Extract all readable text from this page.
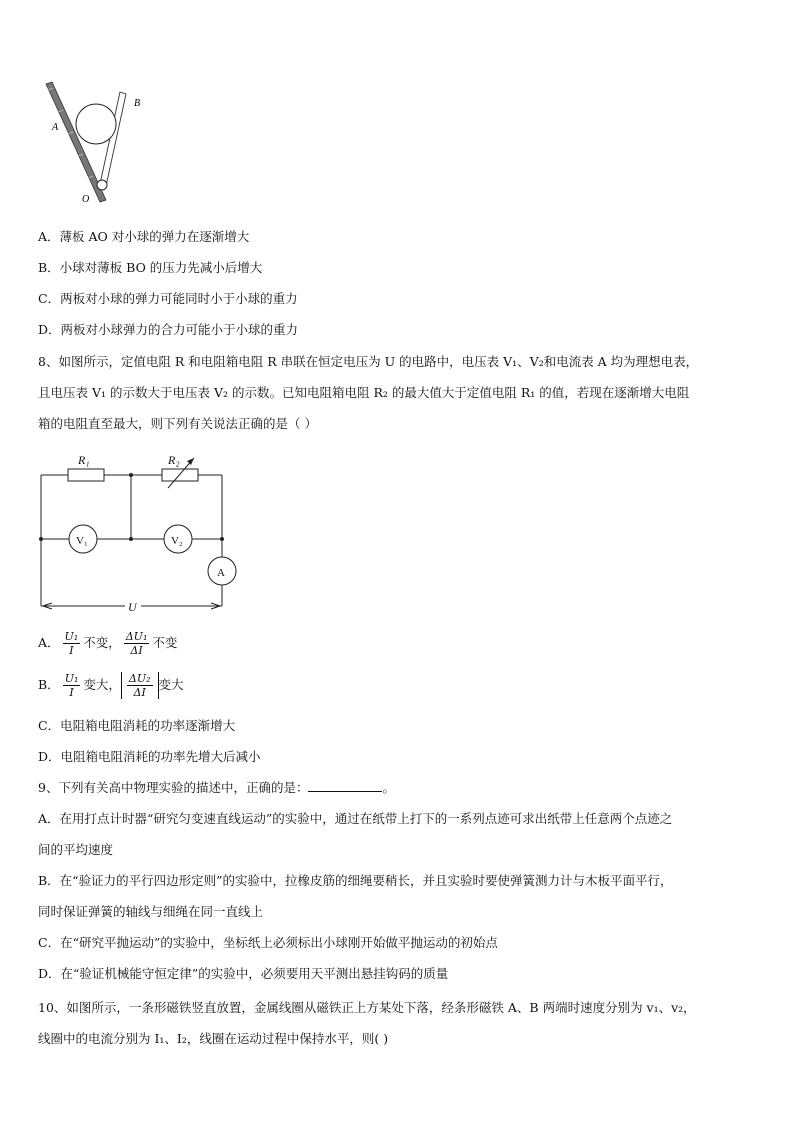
A
B
O
A．薄板 AO 对小球的弹力在逐渐增大
B．小球对薄板 BO 的压力先减小后增大
C．两板对小球的弹力可能同时小于小球的重力
D．两板对小球弹力的合力可能小于小球的重力
8、如图所示，定值电阻 R 和电阻箱电阻 R 串联在恒定电压为 U 的电路中，电压表 V₁、V₂和电流表 A 均为理想电表，
且电压表 V₁ 的示数大于电压表 V₂ 的示数。已知电阻箱电阻 R₂ 的最大值大于定值电阻 R₁ 的值，若现在逐渐增大电阻
箱的电阻直至最大，则下列有关说法正确的是（ ）
R₁	R₂
V₁	V₂
A
U
A． $\frac{\text{U₁}}{I}$ 不变， $\frac{\text{ΔU₁}}{\Delta I}$ 不变
B． $\frac{\text{U₁}}{I}$ 变大， $\frac{\text{ΔU₂}}{\Delta I}$ 变大
C．电阻箱电阻消耗的功率逐渐增大
D．电阻箱电阻消耗的功率先增大后减小
9、下列有关高中物理实验的描述中，正确的是：	。
A．在用打点计时器“研究匀变速直线运动”的实验中，通过在纸带上打下的一系列点迹可求出纸带上任意两个点迹之
间的平均速度
B．在“验证力的平行四边形定则”的实验中，拉橡皮筋的细绳要稍长，并且实验时要使弹簧测力计与木板平面平行，
同时保证弹簧的轴线与细绳在同一直线上
C．在“研究平抛运动”的实验中，坐标纸上必须标出小球刚开始做平抛运动的初始点
D．在“验证机械能守恒定律”的实验中，必须要用天平测出悬挂钩码的质量
10、如图所示，一条形磁铁竖直放置，金属线圈从磁铁正上方某处下落，经条形磁铁 A、B 两端时速度分别为 v₁、v₂，
线圈中的电流分别为 I₁、I₂，线圈在运动过程中保持水平，则( )
